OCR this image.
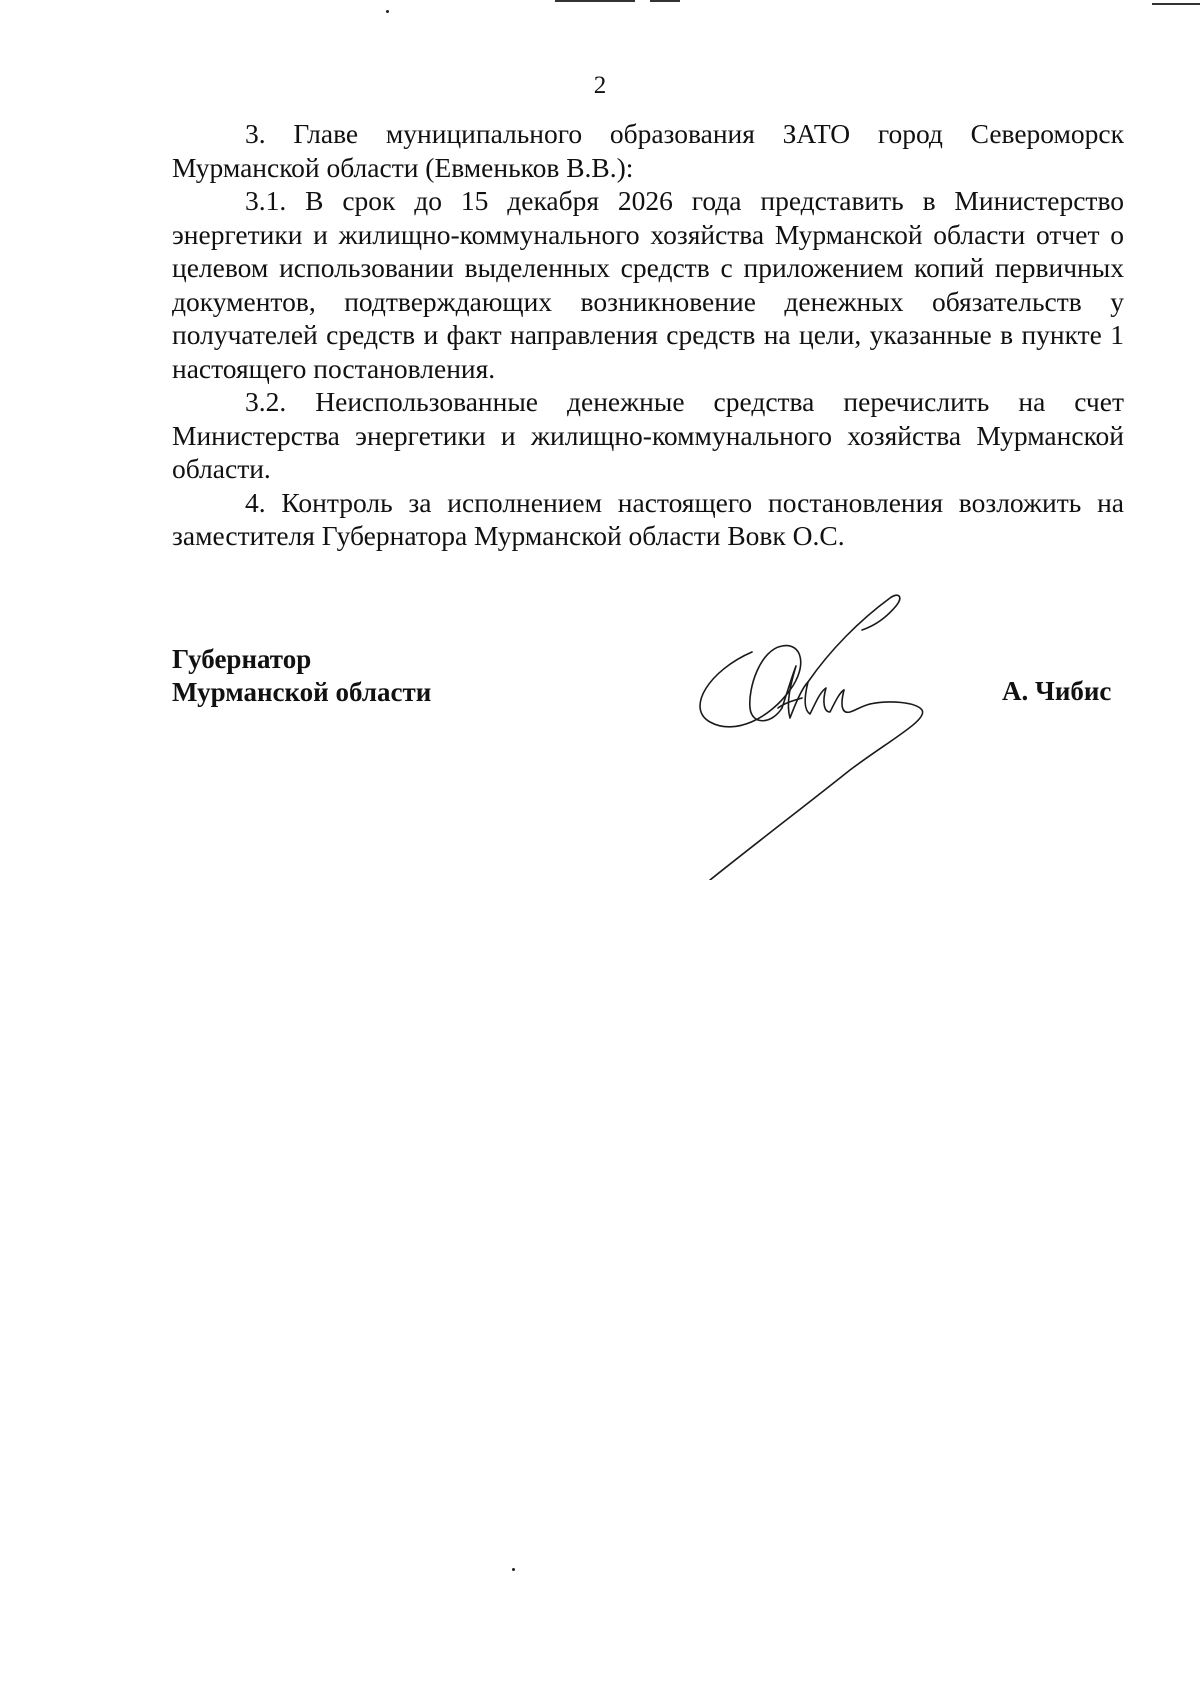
2

3. Главе муниципального образования ЗАТО город Североморск Мурманской области (Евменьков В.В.):

3.1. В срок до 15 декабря 2026 года представить в Министерство энергетики и жилищно-коммунального хозяйства Мурманской области отчет о целевом использовании выделенных средств с приложением копий первичных документов, подтверждающих возникновение денежных обязательств у получателей средств и факт направления средств на цели, указанные в пункте 1 настоящего постановления.

3.2. Неиспользованные денежные средства перечислить на счет Министерства энергетики и жилищно-коммунального хозяйства Мурманской области.

4. Контроль за исполнением настоящего постановления возложить на заместителя Губернатора Мурманской области Вовк О.С.

Губернатор
Мурманской области	А. Чибис
